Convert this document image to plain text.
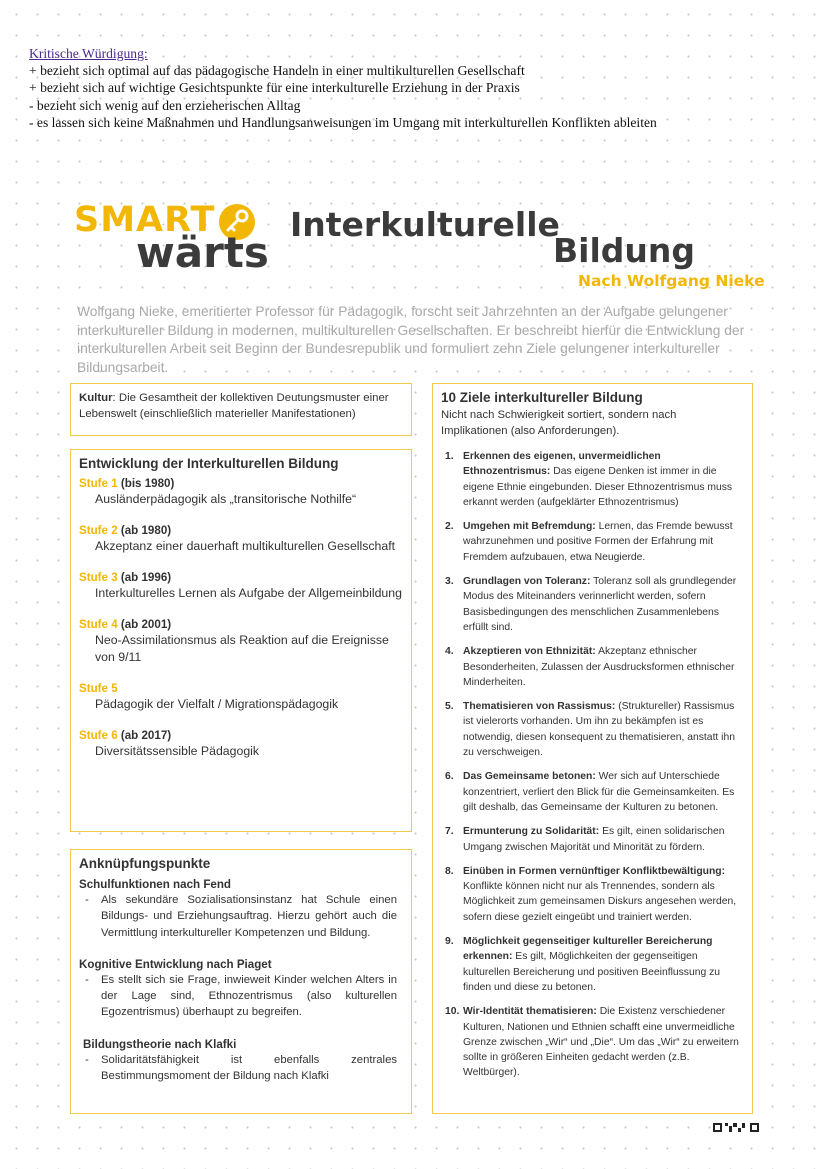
Kritische Würdigung:
+ bezieht sich optimal auf das pädagogische Handeln in einer multikulturellen Gesellschaft
+ bezieht sich auf wichtige Gesichtspunkte für eine interkulturelle Erziehung in der Praxis
- bezieht sich wenig auf den erzieherischen Alltag
- es lassen sich keine Maßnahmen und Handlungsanweisungen im Umgang mit interkulturellen Konflikten ableiten
SMART
wärts
Interkulturelle
Bildung
Nach Wolfgang Nieke
Wolfgang Nieke, emeritierter Professor für Pädagogik, forscht seit Jahrzehnten an der Aufgabe gelungener interkultureller Bildung in modernen, multikulturellen Gesellschaften. Er beschreibt hierfür die Entwicklung der interkulturellen Arbeit seit Beginn der Bundesrepublik und formuliert zehn Ziele gelungener interkultureller Bildungsarbeit.
Kultur: Die Gesamtheit der kollektiven Deutungsmuster einer Lebenswelt (einschließlich materieller Manifestationen)
Entwicklung der Interkulturellen Bildung
Stufe 1 (bis 1980)
Ausländerpädagogik als „transitorische Nothilfe“
Stufe 2 (ab 1980)
Akzeptanz einer dauerhaft multikulturellen Gesellschaft
Stufe 3 (ab 1996)
Interkulturelles Lernen als Aufgabe der Allgemeinbildung
Stufe 4 (ab 2001)
Neo-Assimilationsmus als Reaktion auf die Ereignisse von 9/11
Stufe 5
Pädagogik der Vielfalt / Migrationspädagogik
Stufe 6 (ab 2017)
Diversitätssensible Pädagogik
Anknüpfungspunkte
Schulfunktionen nach Fend
-	Als sekundäre Sozialisationsinstanz hat Schule einen Bildungs- und Erziehungsauftrag. Hierzu gehört auch die Vermittlung interkultureller Kompetenzen und Bildung.
Kognitive Entwicklung nach Piaget
-	Es stellt sich sie Frage, inwieweit Kinder welchen Alters in der Lage sind, Ethnozentrismus (also kulturellen Egozentrismus) überhaupt zu begreifen.
Bildungstheorie nach Klafki
-	Solidaritätsfähigkeit ist ebenfalls zentrales Bestimmungsmoment der Bildung nach Klafki
10 Ziele interkultureller Bildung
Nicht nach Schwierigkeit sortiert, sondern nach Implikationen (also Anforderungen).
1. Erkennen des eigenen, unvermeidlichen Ethnozentrismus: Das eigene Denken ist immer in die eigene Ethnie eingebunden. Dieser Ethnozentrismus muss erkannt werden (aufgeklärter Ethnozentrismus)
2. Umgehen mit Befremdung: Lernen, das Fremde bewusst wahrzunehmen und positive Formen der Erfahrung mit Fremdem aufzubauen, etwa Neugierde.
3. Grundlagen von Toleranz: Toleranz soll als grundlegender Modus des Miteinanders verinnerlicht werden, sofern Basisbedingungen des menschlichen Zusammenlebens erfüllt sind.
4. Akzeptieren von Ethnizität: Akzeptanz ethnischer Besonderheiten, Zulassen der Ausdrucksformen ethnischer Minderheiten.
5. Thematisieren von Rassismus: (Struktureller) Rassismus ist vielerorts vorhanden. Um ihn zu bekämpfen ist es notwendig, diesen konsequent zu thematisieren, anstatt ihn zu verschweigen.
6. Das Gemeinsame betonen: Wer sich auf Unterschiede konzentriert, verliert den Blick für die Gemeinsamkeiten. Es gilt deshalb, das Gemeinsame der Kulturen zu betonen.
7. Ermunterung zu Solidarität: Es gilt, einen solidarischen Umgang zwischen Majorität und Minorität zu fördern.
8. Einüben in Formen vernünftiger Konfliktbewältigung: Konflikte können nicht nur als Trennendes, sondern als Möglichkeit zum gemeinsamen Diskurs angesehen werden, sofern diese gezielt eingeübt und trainiert werden.
9. Möglichkeit gegenseitiger kultureller Bereicherung erkennen: Es gilt, Möglichkeiten der gegenseitigen kulturellen Bereicherung und positiven Beeinflussung zu finden und diese zu betonen.
10. Wir-Identität thematisieren: Die Existenz verschiedener Kulturen, Nationen und Ethnien schafft eine unvermeidliche Grenze zwischen „Wir“ und „Die“. Um das „Wir“ zu erweitern sollte in größeren Einheiten gedacht werden (z.B. Weltbürger).
